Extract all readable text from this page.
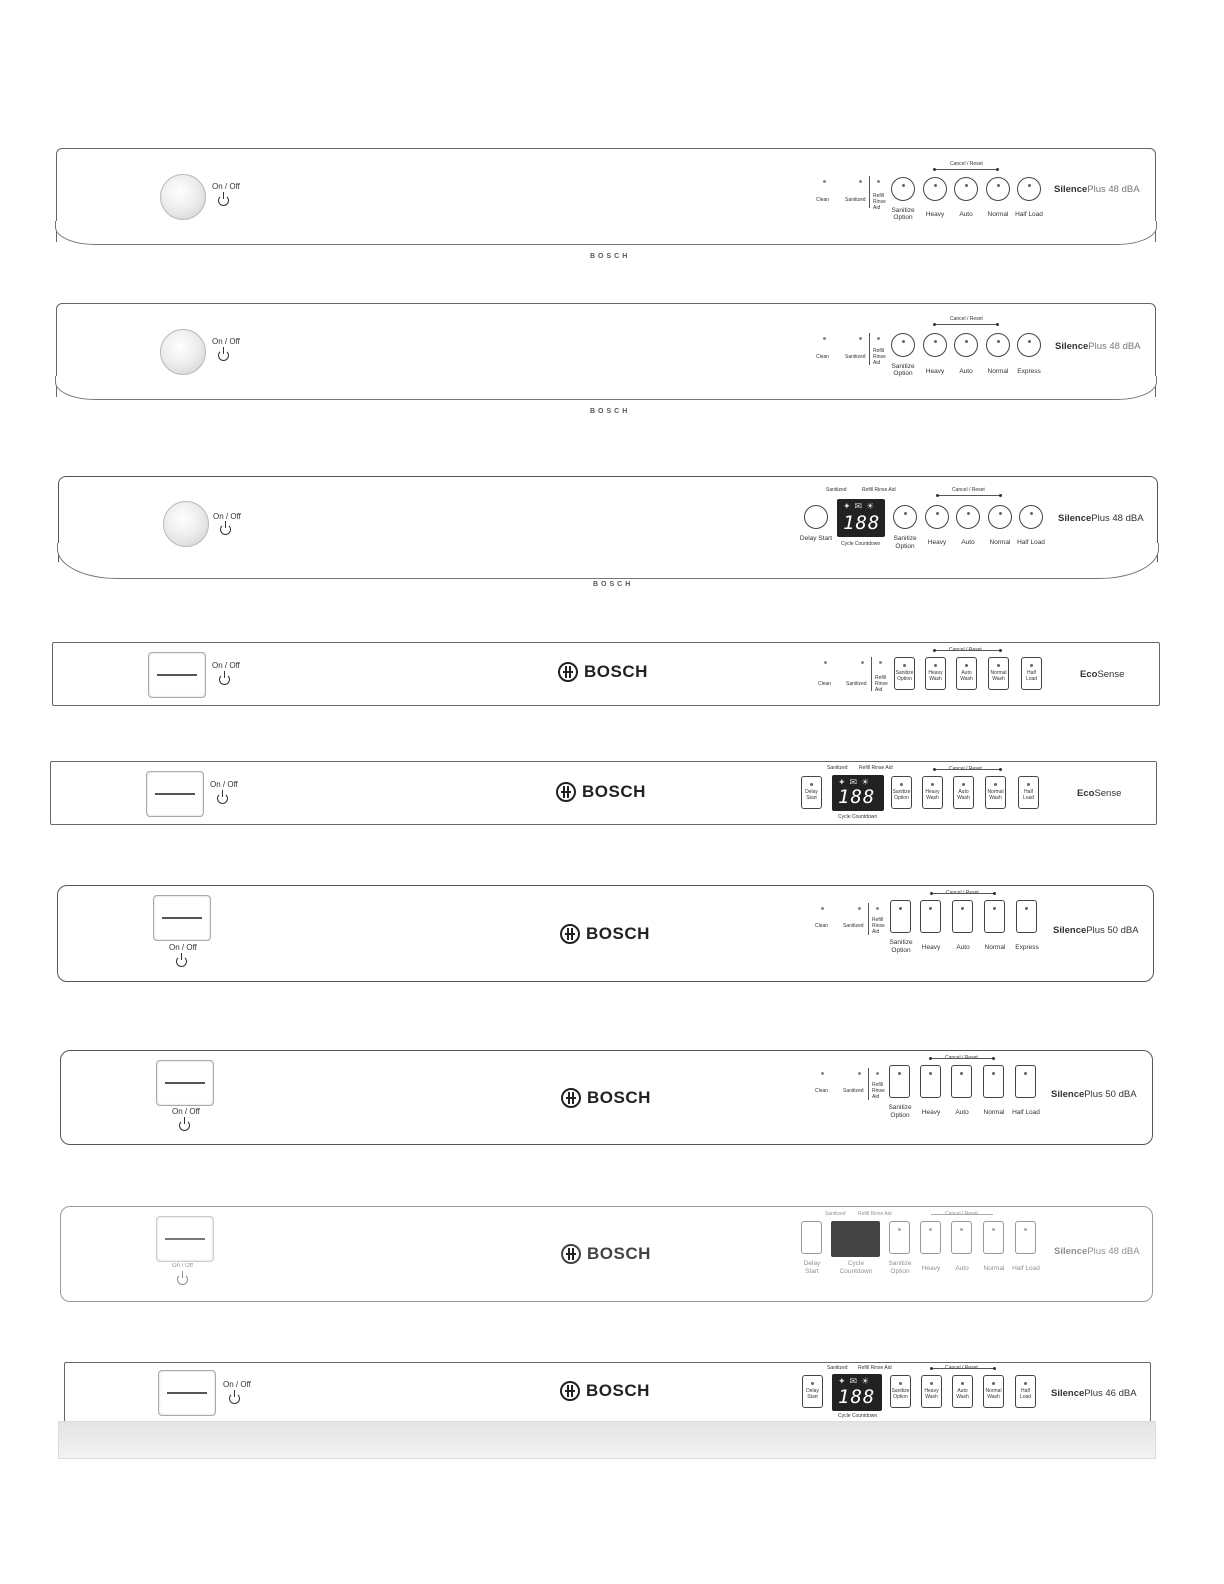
On / Off
Clean	Sanitized
Refill Rinse Aid
Cancel / Reset
Sanitize Option	Heavy	Auto	Normal	Half Load
SilencePlus 48 dBA
BOSCH
On / Off
Clean	Sanitized
Refill Rinse Aid
Cancel / Reset
Sanitize Option	Heavy	Auto	Normal	Express
SilencePlus 48 dBA
BOSCH
On / Off
Delay Start
Sanitized	Refill Rinse Aid
✦✉☀
188
Cycle Countdown
Cancel / Reset
Sanitize Option
Heavy	Auto	Normal	Half Load
SilencePlus 48 dBA
BOSCH
On / Off	BOSCH
Clean	Sanitized
Refill Rinse Aid
Sanitize Option
Heavy Wash
Auto Wash
Normal Wash
Half Load	EcoSense
On / Off	BOSCH	Delay Start
Sanitized Refill Rinse Aid
✦✉☀
188
Cycle Countdown
Sanitize Option
Heavy Wash
Auto Wash
Normal Wash
Half Load	EcoSense
On / Off
BOSCH	Clean	Sanitized
Refill Rinse Aid
Sanitize Option	Heavy	Auto	Normal	Express
SilencePlus 50 dBA
On / Off
BOSCH	Clean	Sanitized
Refill Rinse Aid
Sanitize Option	Heavy	Auto	Normal	Half Load
SilencePlus 50 dBA
On / Off
BOSCH
Delay Start
Sanitized Refill Rinse Aid
Cycle Countdown
Sanitize Option	Heavy	Auto	Normal	Half Load
SilencePlus 48 dBA
On / Off	BOSCH	Delay Start
Sanitized Refill Rinse Aid
✦✉☀
188
Cycle Countdown
Sanitize Option
Heavy Wash
Auto Wash
Normal Wash
Half Load	SilencePlus 46 dBA
